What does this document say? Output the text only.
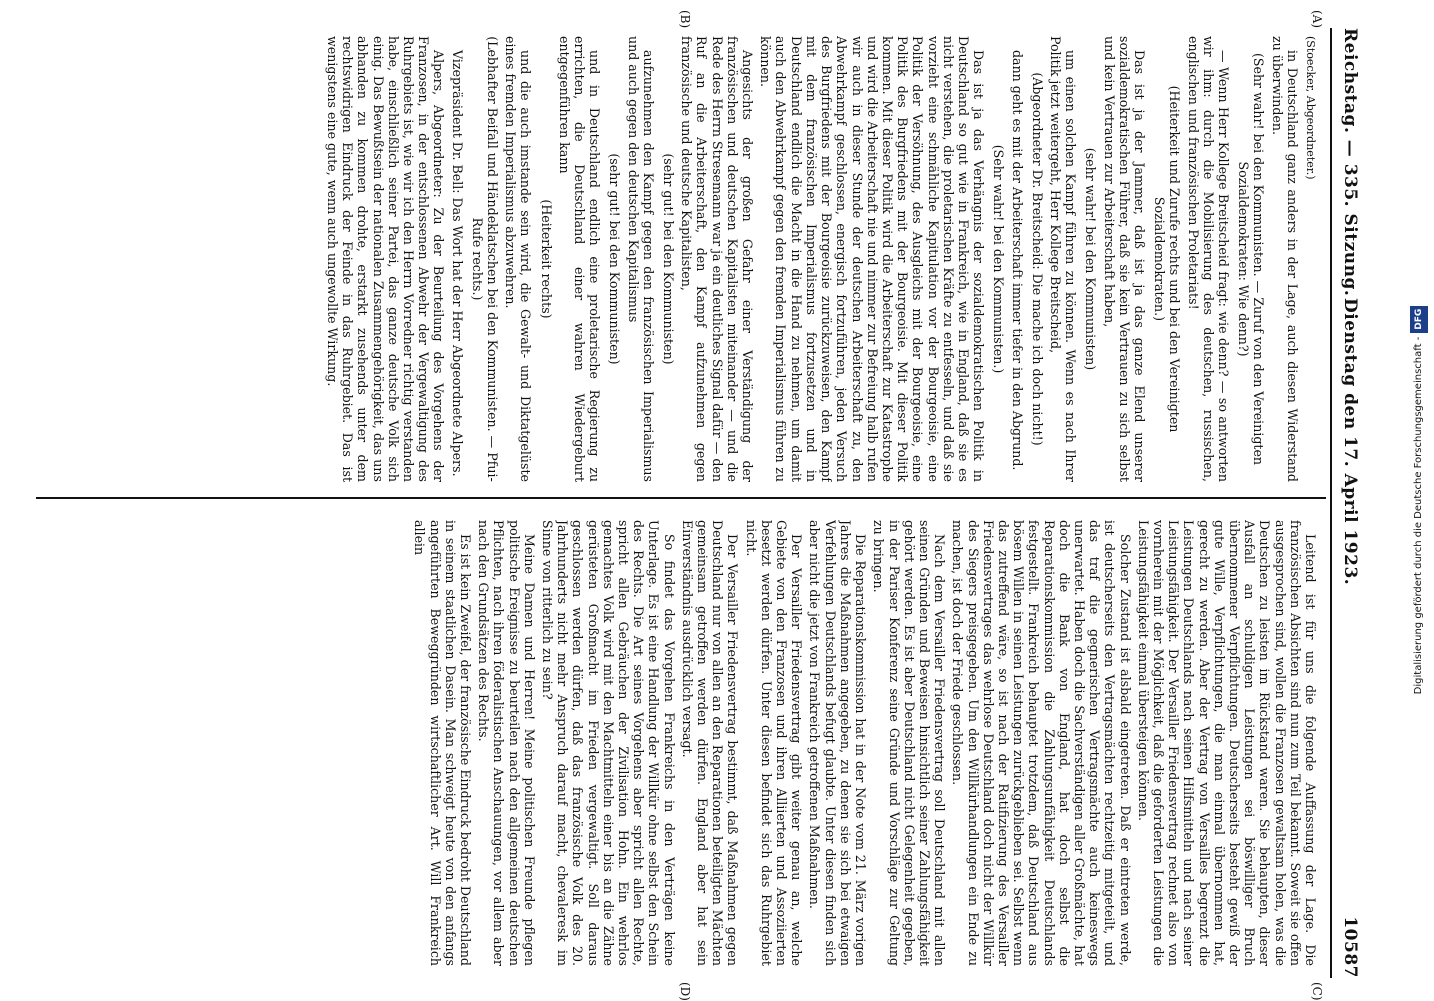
Reichstag. — 335. Sitzung.
Dienstag den 17. April 1923.
10587
(A)
(B)
(C)
(D)

(Stoecker, Abgeordneter.)

in Deutschland ganz anders in der Lage, auch diesen Widerstand zu überwinden.

(Sehr wahr! bei den Kommunisten. — Zuruf von den Vereinigten Sozialdemokraten: Wie denn?)

— Wenn Herr Kollege Breitscheid fragt: wie denn? — so antworten wir ihm: durch die Mobilisierung des deutschen, russischen, englischen und französischen Proletariats!

(Heiterkeit und Zurufe rechts und bei den Vereinigten Sozialdemokraten.)

Das ist ja der Jammer, daß ist ja das ganze Elend unserer sozialdemokratischen Führer, daß sie kein Vertrauen zu sich selbst und kein Vertrauen zur Arbeiterschaft haben,

(sehr wahr! bei den Kommunisten)

um einen solchen Kampf führen zu können. Wenn es nach Ihrer Politik jetzt weitergeht, Herr Kollege Breitscheid,

(Abgeordneter Dr. Breitscheid: Die mache ich doch nicht!)

dann geht es mit der Arbeiterschaft immer tiefer in den Abgrund.

(Sehr wahr! bei den Kommunisten.)

Das ist ja das Verhängnis der sozialdemokratischen Politik in Deutschland so gut wie in Frankreich, wie in England, daß sie es nicht verstehen, die proletarischen Kräfte zu entfesseln, und daß sie vorzieht eine schmähliche Kapitulation vor der Bourgeoisie, eine Politik der Versöhnung, des Ausgleichs mit der Bourgeoisie, eine Politik des Burgfriedens mit der Bourgeoisie. Mit dieser Politik kommen. Mit dieser Politik wird die Arbeiterschaft zur Katastrophe und wird die Arbeiterschaft nie und nimmer zur Befreiung halb rufen wir auch in dieser Stunde der deutschen Arbeiterschaft zu, den Abwehrkampf geschlossen, energisch fortzuführen, jeden Versuch des Burgfriedens mit der Bourgeoisie zurückzuweisen, den Kampf mit dem französischen Imperialismus fortzusetzen und in Deutschland endlich die Macht in die Hand zu nehmen, um damit auch den Abwehrkampf gegen den fremden Imperialismus führen zu können.

Angesichts der großen Gefahr einer Verständigung der französischen und deutschen Kapitalisten miteinander — und die Rede des Herrn Stresemann war ja ein deutliches Signal dafür — den Ruf an die Arbeiterschaft, den Kampf aufzunehmen gegen französische und deutsche Kapitalisten,

(sehr gut! bei den Kommunisten)

aufzunehmen den Kampf gegen den französischen Imperialismus und auch gegen den deutschen Kapitalismus

(sehr gut! bei den Kommunisten)

und in Deutschland endlich eine proletarische Regierung zu errichten, die Deutschland einer wahren Wiedergeburt entgegenführen kann

(Heiterkeit rechts)

und die auch imstande sein wird, die Gewalt- und Diktatgelüste eines fremden Imperialismus abzuwehren.

(Lebhafter Beifall und Händeklatschen bei den Kommunisten. — Pfui-Rufe rechts.)

Vizepräsident Dr. Bell: Das Wort hat der Herr Abgeordnete Alpers.

Alpers, Abgeordneter: Zu der Beurteilung des Vorgehens der Franzosen, in der entschlossenen Abwehr der Vergewaltigung des Ruhrgebiets ist, wie wir ich den Herrn Vorredner richtig verstanden habe, einschließlich seiner Partei, das ganze deutsche Volk sich einig. Das Bewußtsein der nationalen Zusammengehörigkeit, das uns abhanden zu kommen drohte, erstarkt zusehends unter dem rechtswidrigen Eindruck der Feinde in das Ruhrgebiet. Das ist wenigstens eine gute, wenn auch ungewollte Wirkung.

Leitend ist für uns die folgende Auffassung der Lage. Die französischen Absichten sind nun zum Teil bekannt. Soweit sie offen ausgesprochen sind, wollen die Franzosen gewaltsam holen, was die Deutschen zu leisten im Rückstand waren. Sie behaupten, dieser Ausfall an schuldigen Leistungen sei böswilliger Bruch übernommener Verpflichtungen. Deutscherseits besteht gewiß der gute Wille, Verpflichtungen, die man einmal übernommen hat, gerecht zu werden. Aber der Vertrag von Versailles begrenzt die Leistungen Deutschlands nach seinen Hilfsmitteln und nach seiner Leistungsfähigkeit. Der Versailler Friedensvertrag rechnet also von vornherein mit der Möglichkeit, daß die geforderten Leistungen die Leistungsfähigkeit einmal übersteigen können.

Solcher Zustand ist alsbald eingetreten. Daß er eintreten werde, ist deutscherseits den Vertragsmächten rechtzeitig mitgeteilt, und das traf die gegnerischen Vertragsmächte auch keineswegs unerwartet. Haben doch die Sachverständigen aller Großmächte, hat doch die Bank von England, hat doch selbst die Reparationskommission die Zahlungsunfähigkeit Deutschlands festgestellt. Frankreich behauptet trotzdem, daß Deutschland aus bösem Willen in seinen Leistungen zurückgeblieben sei. Selbst wenn das zutreffend wäre, so ist nach der Ratifizierung des Versailler Friedensvertrages das wehrlose Deutschland doch nicht der Willkür des Siegers preisgegeben. Um den Willkürhandlungen ein Ende zu machen, ist doch der Friede geschlossen.

Nach dem Versailler Friedensvertrag soll Deutschland mit allen seinen Gründen und Beweisen hinsichtlich seiner Zahlungsfähigkeit gehört werden. Es ist aber Deutschland nicht Gelegenheit gegeben, in der Pariser Konferenz seine Gründe und Vorschläge zur Geltung zu bringen.

Die Reparationskommission hat in der Note vom 21. März vorigen Jahres die Maßnahmen angegeben, zu denen sie sich bei etwaigen Verfehlungen Deutschlands befugt glaubte. Unter diesen finden sich aber nicht die jetzt von Frankreich getroffenen Maßnahmen.

Der Versailler Friedensvertrag gibt weiter genau an, welche Gebiete von den Franzosen und ihren Alliierten und Assoziierten besetzt werden dürfen. Unter diesen befindet sich das Ruhrgebiet nicht.

Der Versailler Friedensvertrag bestimmt, daß Maßnahmen gegen Deutschland nur von allen an den Reparationen beteiligten Mächten gemeinsam getroffen werden dürfen. England aber hat sein Einverständnis ausdrücklich versagt.

So findet das Vorgehen Frankreichs in den Verträgen keine Unterlage. Es ist eine Handlung der Willkür ohne selbst den Schein des Rechts. Die Art seines Vorgehens aber spricht allen Rechte, spricht allen Gebräuchen der Zivilisation Hohn. Ein wehrlos gemachtes Volk wird mit den Machtmitteln einer bis an die Zähne gerüsteten Großmacht im Frieden vergewaltigt. Soll daraus geschlossen werden dürfen, daß das französische Volk des 20. Jahrhunderts nicht mehr Anspruch darauf macht, chevaleresk im Sinne von ritterlich zu sein?

Meine Damen und Herren! Meine politischen Freunde pflegen politische Ereignisse zu beurteilen nach den allgemeinen deutschen Pflichten, nach ihren föderalistischen Anschauungen, vor allem aber nach den Grundsätzen des Rechts.

Es ist kein Zweifel, der französische Eindruck bedroht Deutschland in seinem staatlichen Dasein. Man schweigt heute von den anfangs angeführten Beweggründen wirtschaftlicher Art. Will Frankreich allein	Digitalisierung gefördert durch die Deutsche Forschungsgemeinschaft -DFG
